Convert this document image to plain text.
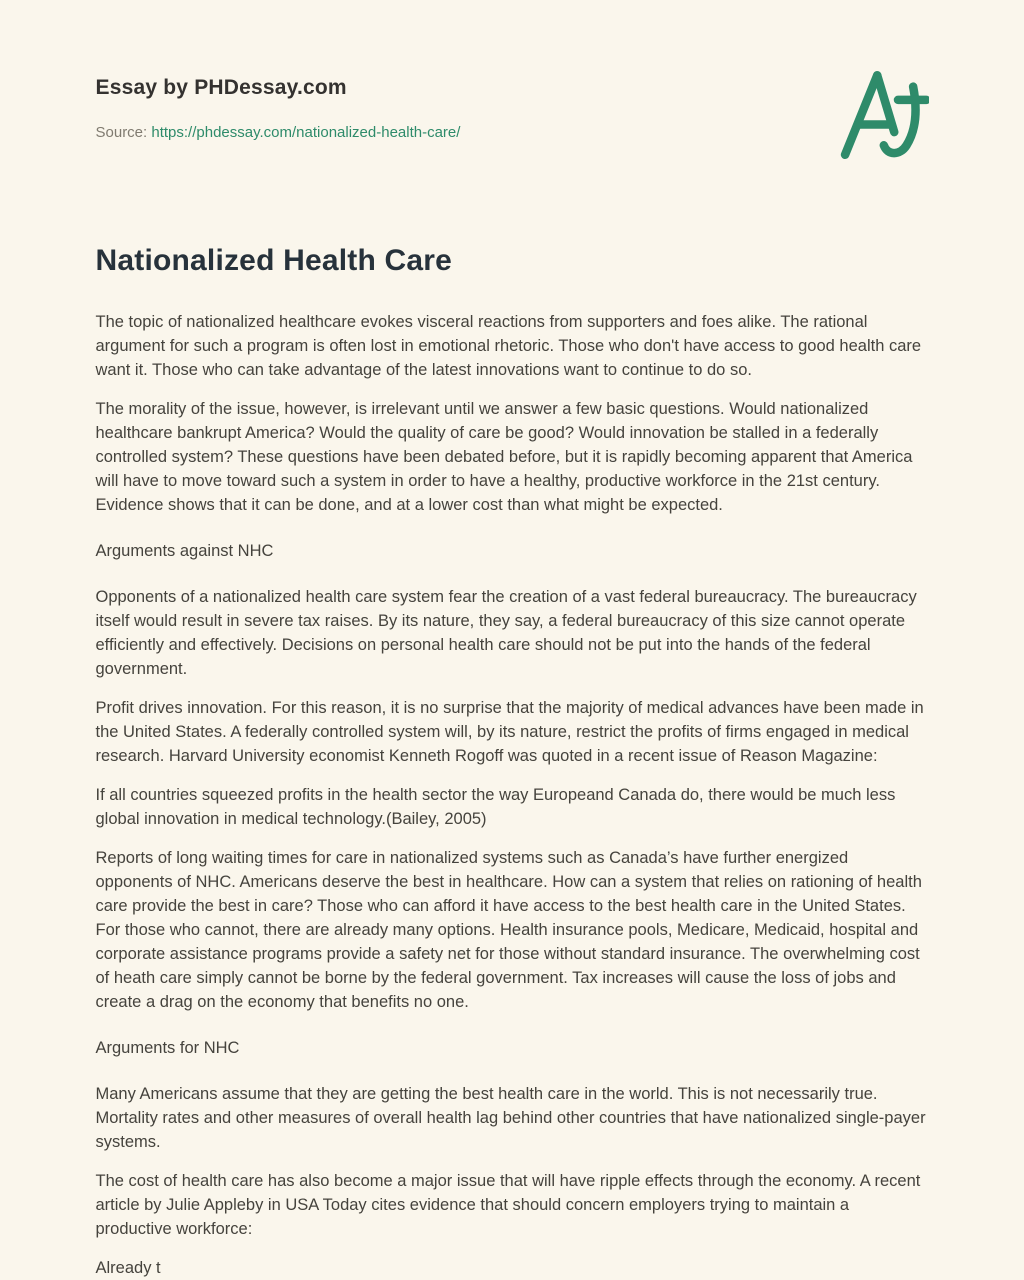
Essay by PHDessay.com
Source: https://phdessay.com/nationalized-health-care/
Nationalized Health Care

The topic of nationalized healthcare evokes visceral reactions from supporters and foes alike. The rational argument for such a program is often lost in emotional rhetoric. Those who don't have access to good health care want it. Those who can take advantage of the latest innovations want to continue to do so.

The morality of the issue, however, is irrelevant until we answer a few basic questions. Would nationalized healthcare bankrupt America? Would the quality of care be good? Would innovation be stalled in a federally controlled system? These questions have been debated before, but it is rapidly becoming apparent that America will have to move toward such a system in order to have a healthy, productive workforce in the 21st century. Evidence shows that it can be done, and at a lower cost than what might be expected.

Arguments against NHC

Opponents of a nationalized health care system fear the creation of a vast federal bureaucracy. The bureaucracy itself would result in severe tax raises. By its nature, they say, a federal bureaucracy of this size cannot operate efficiently and effectively. Decisions on personal health care should not be put into the hands of the federal government.

Profit drives innovation. For this reason, it is no surprise that the majority of medical advances have been made in the United States. A federally controlled system will, by its nature, restrict the profits of firms engaged in medical research. Harvard University economist Kenneth Rogoff was quoted in a recent issue of Reason Magazine:

If all countries squeezed profits in the health sector the way Europeand Canada do, there would be much less global innovation in medical technology.(Bailey, 2005)

Reports of long waiting times for care in nationalized systems such as Canada’s have further energized opponents of NHC. Americans deserve the best in healthcare. How can a system that relies on rationing of health care provide the best in care? Those who can afford it have access to the best health care in the United States. For those who cannot, there are already many options. Health insurance pools, Medicare, Medicaid, hospital and corporate assistance programs provide a safety net for those without standard insurance. The overwhelming cost of heath care simply cannot be borne by the federal government. Tax increases will cause the loss of jobs and create a drag on the economy that benefits no one.

Arguments for NHC

Many Americans assume that they are getting the best health care in the world. This is not necessarily true. Mortality rates and other measures of overall health lag behind other countries that have nationalized single-payer systems.

The cost of health care has also become a major issue that will have ripple effects through the economy. A recent article by Julie Appleby in USA Today cites evidence that should concern employers trying to maintain a productive workforce:

Already t
